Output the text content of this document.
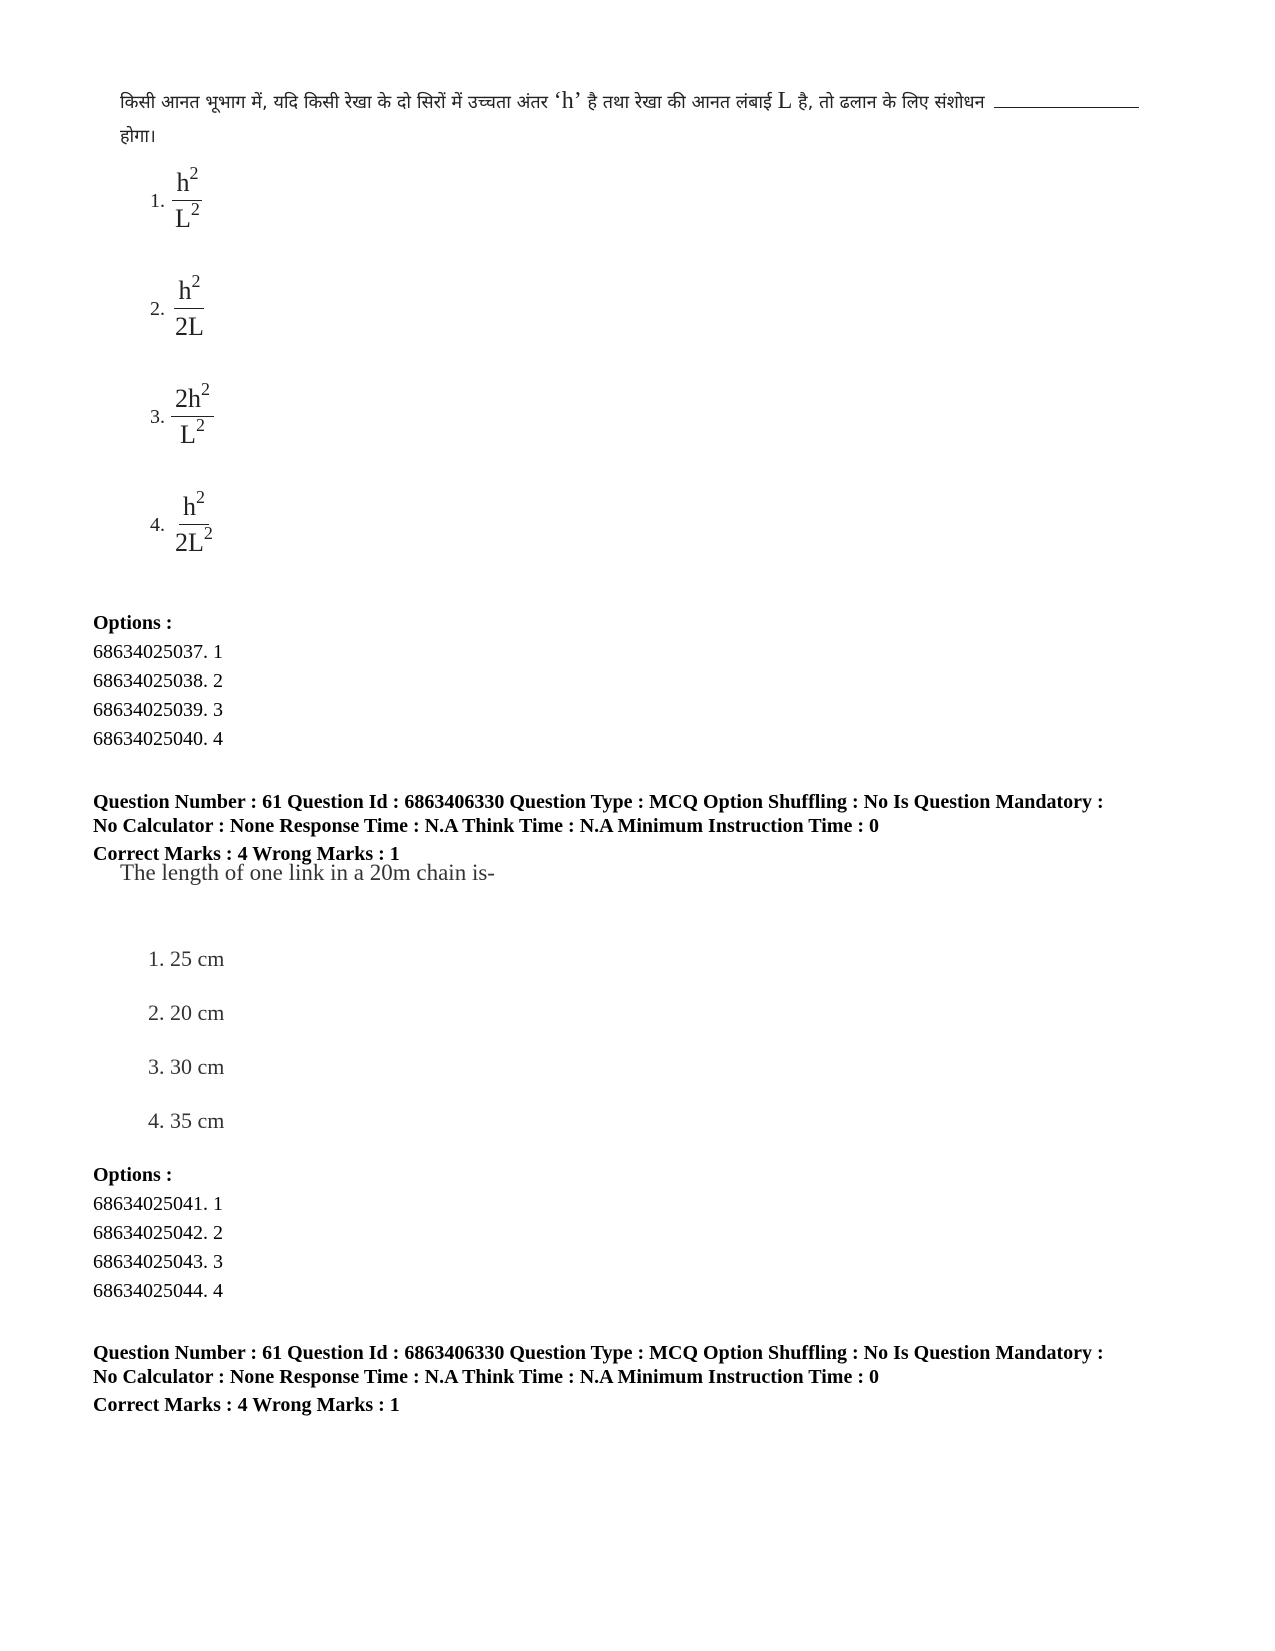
किसी आनत भूभाग में, यदि किसी रेखा के दो सिरों में उच्चता अंतर ‘h’ है तथा रेखा की आनत लंबाई L है, तो ढलान के लिए संशोधन
होगा।
1. $\frac{h^2}{L^2}$
2. $\frac{h^2}{2L}$
3. $\frac{2h^2}{L^2}$
4. $\frac{h^2}{2L^2}$
Options :
68634025037. 1
68634025038. 2
68634025039. 3
68634025040. 4
Question Number : 61 Question Id : 6863406330 Question Type : MCQ Option Shuffling : No Is Question Mandatory :
No Calculator : None Response Time : N.A Think Time : N.A Minimum Instruction Time : 0
Correct Marks : 4 Wrong Marks : 1
The length of one link in a 20m chain is-
1. 25 cm
2. 20 cm
3. 30 cm
4. 35 cm
Options :
68634025041. 1
68634025042. 2
68634025043. 3
68634025044. 4
Question Number : 61 Question Id : 6863406330 Question Type : MCQ Option Shuffling : No Is Question Mandatory :
No Calculator : None Response Time : N.A Think Time : N.A Minimum Instruction Time : 0
Correct Marks : 4 Wrong Marks : 1
